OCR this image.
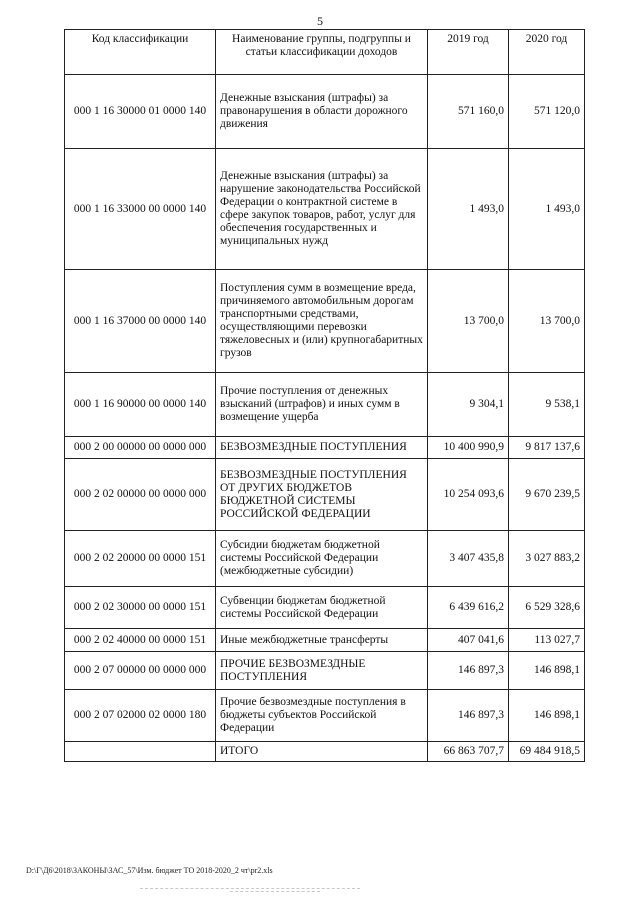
5
Код классификации	Наименование группы, подгруппы и статьи классификации доходов	2019 год	2020 год
000 1 16 30000 01 0000 140	Денежные взыскания (штрафы) за правонарушения в области дорожного движения	571 160,0	571 120,0
000 1 16 33000 00 0000 140	Денежные взыскания (штрафы) за нарушение законодательства Российской Федерации о контрактной системе в сфере закупок товаров, работ, услуг для обеспечения государственных и муниципальных нужд	1 493,0	1 493,0
000 1 16 37000 00 0000 140	Поступления сумм в возмещение вреда, причиняемого автомобильным дорогам транспортными средствами, осуществляющими перевозки тяжеловесных и (или) крупногабаритных грузов	13 700,0	13 700,0
000 1 16 90000 00 0000 140	Прочие поступления от денежных взысканий (штрафов) и иных сумм в возмещение ущерба	9 304,1	9 538,1
000 2 00 00000 00 0000 000	БЕЗВОЗМЕЗДНЫЕ ПОСТУПЛЕНИЯ	10 400 990,9	9 817 137,6
000 2 02 00000 00 0000 000	БЕЗВОЗМЕЗДНЫЕ ПОСТУПЛЕНИЯ ОТ ДРУГИХ БЮДЖЕТОВ БЮДЖЕТНОЙ СИСТЕМЫ РОССИЙСКОЙ ФЕДЕРАЦИИ	10 254 093,6	9 670 239,5
000 2 02 20000 00 0000 151	Субсидии бюджетам бюджетной системы Российской Федерации (межбюджетные субсидии)	3 407 435,8	3 027 883,2
000 2 02 30000 00 0000 151	Субвенции бюджетам бюджетной системы Российской Федерации	6 439 616,2	6 529 328,6
000 2 02 40000 00 0000 151	Иные межбюджетные трансферты	407 041,6	113 027,7
000 2 07 00000 00 0000 000	ПРОЧИЕ БЕЗВОЗМЕЗДНЫЕ ПОСТУПЛЕНИЯ	146 897,3	146 898,1
000 2 07 02000 02 0000 180	Прочие безвозмездные поступления в бюджеты субъектов Российской Федерации	146 897,3	146 898,1
	ИТОГО	66 863 707,7	69 484 918,5
D:\Г\Д6\2018\ЗАКОНЫ\ЗАС_57\Изм. бюджет ТО 2018-2020_2 чт\pr2.xls
